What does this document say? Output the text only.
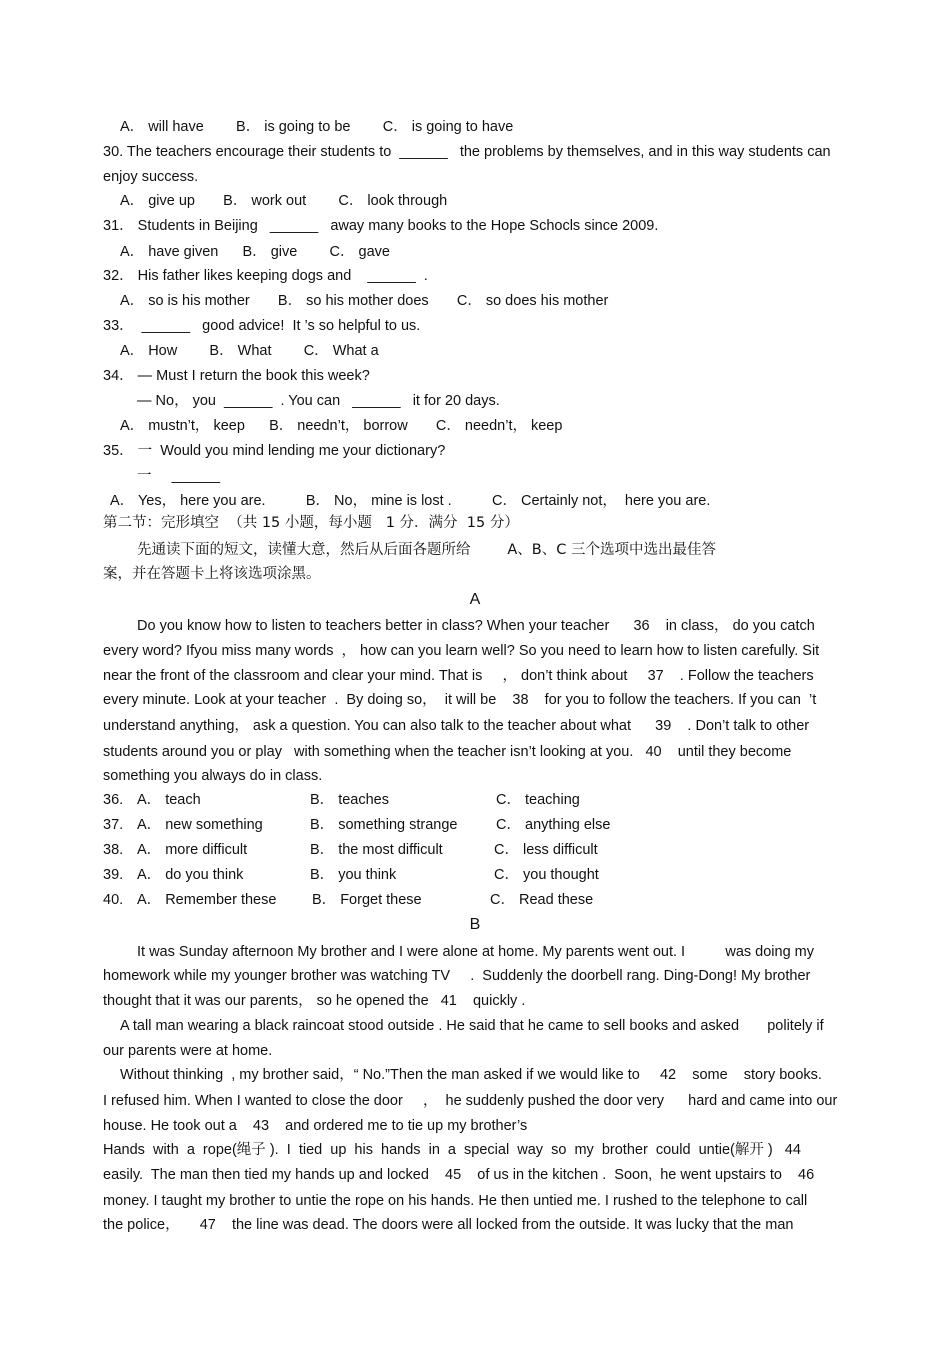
A． will have        B． is going to be        C． is going to have
30. The teachers encourage their students to  ______   the problems by themselves, and in this way students can
enjoy success.
A． give up       B． work out        C． look through
31． Students in Beijing   ______   away many books to the Hope Schocls since 2009.
A． have given      B． give        C． gave
32． His father likes keeping dogs and    ______  .
A． so is his mother       B． so his mother does       C． so does his mother
33．  ______   good advice!  It ’s so helpful to us.
A． How        B． What        C． What a
34． — Must I return the book this week?
— No， you  ______  . You can   ______   it for 20 days.
A． mustn’t， keep      B． needn’t， borrow       C． needn’t， keep
35． 一  Would you mind lending me your dictionary?
一     ______
A． Yes， here you are.          B． No， mine is lost .          C． Certainly not，  here you are.
第二节：完形填空  （共 15 小题，每小题   1 分．满分  15 分）
先通读下面的短文，读懂大意，然后从后面各题所给        A、B、C 三个选项中选出最佳答
案，并在答题卡上将该选项涂黑。
A
Do you know how to listen to teachers better in class? When your teacher      36    in class， do you catch
every word? Ifyou miss many words  ， how can you learn well? So you need to learn how to listen carefully. Sit
near the front of the classroom and clear your mind. That is     ， don’t think about     37    . Follow the teachers
every minute. Look at your teacher  .  By doing so，  it will be    38    for you to follow the teachers. If you can  ’t
understand anything， ask a question. You can also talk to the teacher about what      39    . Don’t talk to other
students around you or play   with something when the teacher isn’t looking at you.   40    until they become
something you always do in class.
36. A． teach	B． teaches	C． teaching
37. A． new something	B． something strange	C． anything else
38. A． more difficult	B． the most difficult	C． less difficult
39. A． do you think	B． you think	C． you thought
40. A． Remember these B． Forget these	C． Read these
B
It was Sunday afternoon My brother and I were alone at home. My parents went out. I          was doing my
homework while my younger brother was watching TV     .  Suddenly the doorbell rang. Ding-Dong! My brother
thought that it was our parents， so he opened the   41    quickly .
A tall man wearing a black raincoat stood outside . He said that he came to sell books and asked       politely if
our parents were at home.
Without thinking  , my brother said，“ No.”Then the man asked if we would like to     42    some    story books.
I refused him. When I wanted to close the door     ，  he suddenly pushed the door very      hard and came into our
house. He took out a    43    and ordered me to tie up my brother’s
Hands  with  a  rope(绳子 ).  I  tied  up  his  hands  in  a  special  way  so  my  brother  could  untie(解开 )   44
easily.  The man then tied my hands up and locked    45    of us in the kitchen .  Soon,  he went upstairs to    46
money. I taught my brother to untie the rope on his hands. He then untied me. I rushed to the telephone to call
the police，     47    the line was dead. The doors were all locked from the outside. It was lucky that the man
